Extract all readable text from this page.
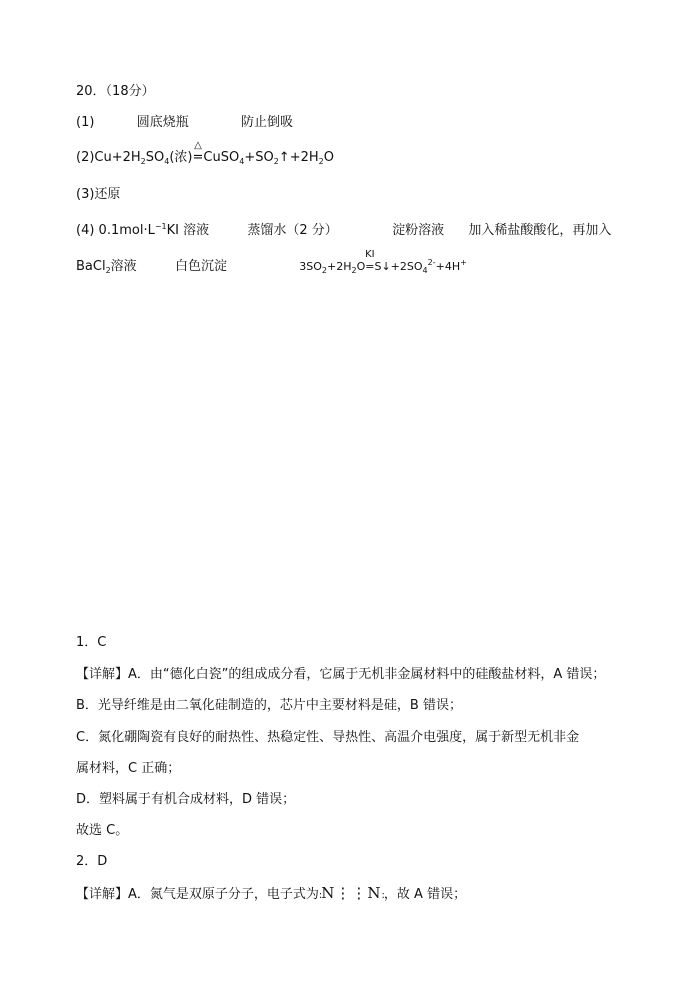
20．（18分）
(1)	圆底烧瓶	防止倒吸
$(2)Cu+2H_2SO_4$(浓)
△
$=CuSO_4+SO_2↑+2H_2O$
(3)还原
(4) $0.1mol\cdot L^{-1}KI$ 溶液	蒸馏水（2 分）	淀粉溶液 加入稀盐酸酸化，再加入
BaCl$_2$溶液	白色沉淀	$3SO_2+2H_2O$
KI
$=S↓+2SO_4^{2-}+4H^+$
1．C
【详解】A．由“德化白瓷”的组成成分看，它属于无机非金属材料中的硅酸盐材料，A 错误；
B．光导纤维是由二氧化硅制造的，芯片中主要材料是硅，B 错误；
C．氮化硼陶瓷有良好的耐热性、热稳定性、导热性、高温介电强度，属于新型无机非金
属材料，C 正确；
D．塑料属于有机合成材料，D 错误；
故选 C。
2．D
【详解】A．氮气是双原子分子，电子式为:N⋮⋮N:，故 A 错误；
